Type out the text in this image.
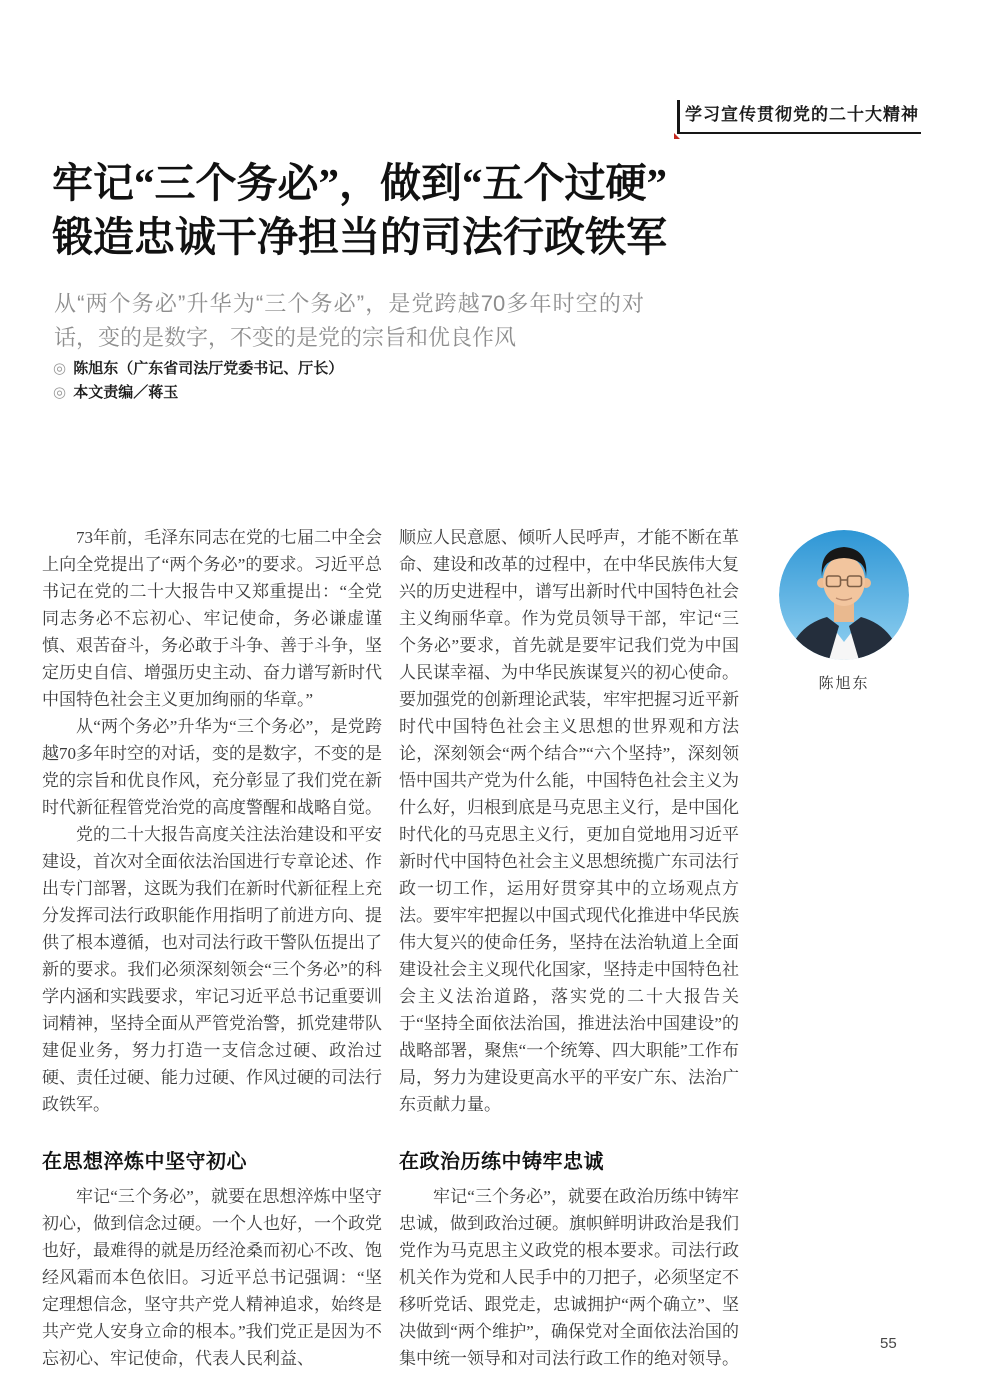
学习宣传贯彻党的二十大精神
牢记“三个务必”，做到“五个过硬”
锻造忠诚干净担当的司法行政铁军

从“两个务必”升华为“三个务必”，是党跨越70多年时空的对话，变的是数字，不变的是党的宗旨和优良作风

◎ 陈旭东（广东省司法厅党委书记、厅长）
◎ 本文责编／蒋玉

73年前，毛泽东同志在党的七届二中全会上向全党提出了“两个务必”的要求。习近平总书记在党的二十大报告中又郑重提出：“全党同志务必不忘初心、牢记使命，务必谦虚谨慎、艰苦奋斗，务必敢于斗争、善于斗争，坚定历史自信、增强历史主动、奋力谱写新时代中国特色社会主义更加绚丽的华章。”

从“两个务必”升华为“三个务必”，是党跨越70多年时空的对话，变的是数字，不变的是党的宗旨和优良作风，充分彰显了我们党在新时代新征程管党治党的高度警醒和战略自觉。

党的二十大报告高度关注法治建设和平安建设，首次对全面依法治国进行专章论述、作出专门部署，这既为我们在新时代新征程上充分发挥司法行政职能作用指明了前进方向、提供了根本遵循，也对司法行政干警队伍提出了新的要求。我们必须深刻领会“三个务必”的科学内涵和实践要求，牢记习近平总书记重要训词精神，坚持全面从严管党治警，抓党建带队建促业务，努力打造一支信念过硬、政治过硬、责任过硬、能力过硬、作风过硬的司法行政铁军。

在思想淬炼中坚守初心

牢记“三个务必”，就要在思想淬炼中坚守初心，做到信念过硬。一个人也好，一个政党也好，最难得的就是历经沧桑而初心不改、饱经风霜而本色依旧。习近平总书记强调：“坚定理想信念，坚守共产党人精神追求，始终是共产党人安身立命的根本。”我们党正是因为不忘初心、牢记使命，代表人民利益、

顺应人民意愿、倾听人民呼声，才能不断在革命、建设和改革的过程中，在中华民族伟大复兴的历史进程中，谱写出新时代中国特色社会主义绚丽华章。作为党员领导干部，牢记“三个务必”要求，首先就是要牢记我们党为中国人民谋幸福、为中华民族谋复兴的初心使命。要加强党的创新理论武装，牢牢把握习近平新时代中国特色社会主义思想的世界观和方法论，深刻领会“两个结合”“六个坚持”，深刻领悟中国共产党为什么能，中国特色社会主义为什么好，归根到底是马克思主义行，是中国化时代化的马克思主义行，更加自觉地用习近平新时代中国特色社会主义思想统揽广东司法行政一切工作，运用好贯穿其中的立场观点方法。要牢牢把握以中国式现代化推进中华民族伟大复兴的使命任务，坚持在法治轨道上全面建设社会主义现代化国家，坚持走中国特色社会主义法治道路，落实党的二十大报告关于“坚持全面依法治国，推进法治中国建设”的战略部署，聚焦“一个统筹、四大职能”工作布局，努力为建设更高水平的平安广东、法治广东贡献力量。

在政治历练中铸牢忠诚

牢记“三个务必”，就要在政治历练中铸牢忠诚，做到政治过硬。旗帜鲜明讲政治是我们党作为马克思主义政党的根本要求。司法行政机关作为党和人民手中的刀把子，必须坚定不移听党话、跟党走，忠诚拥护“两个确立”、坚决做到“两个维护”，确保党对全面依法治国的集中统一领导和对司法行政工作的绝对领导。

陈旭东
55
